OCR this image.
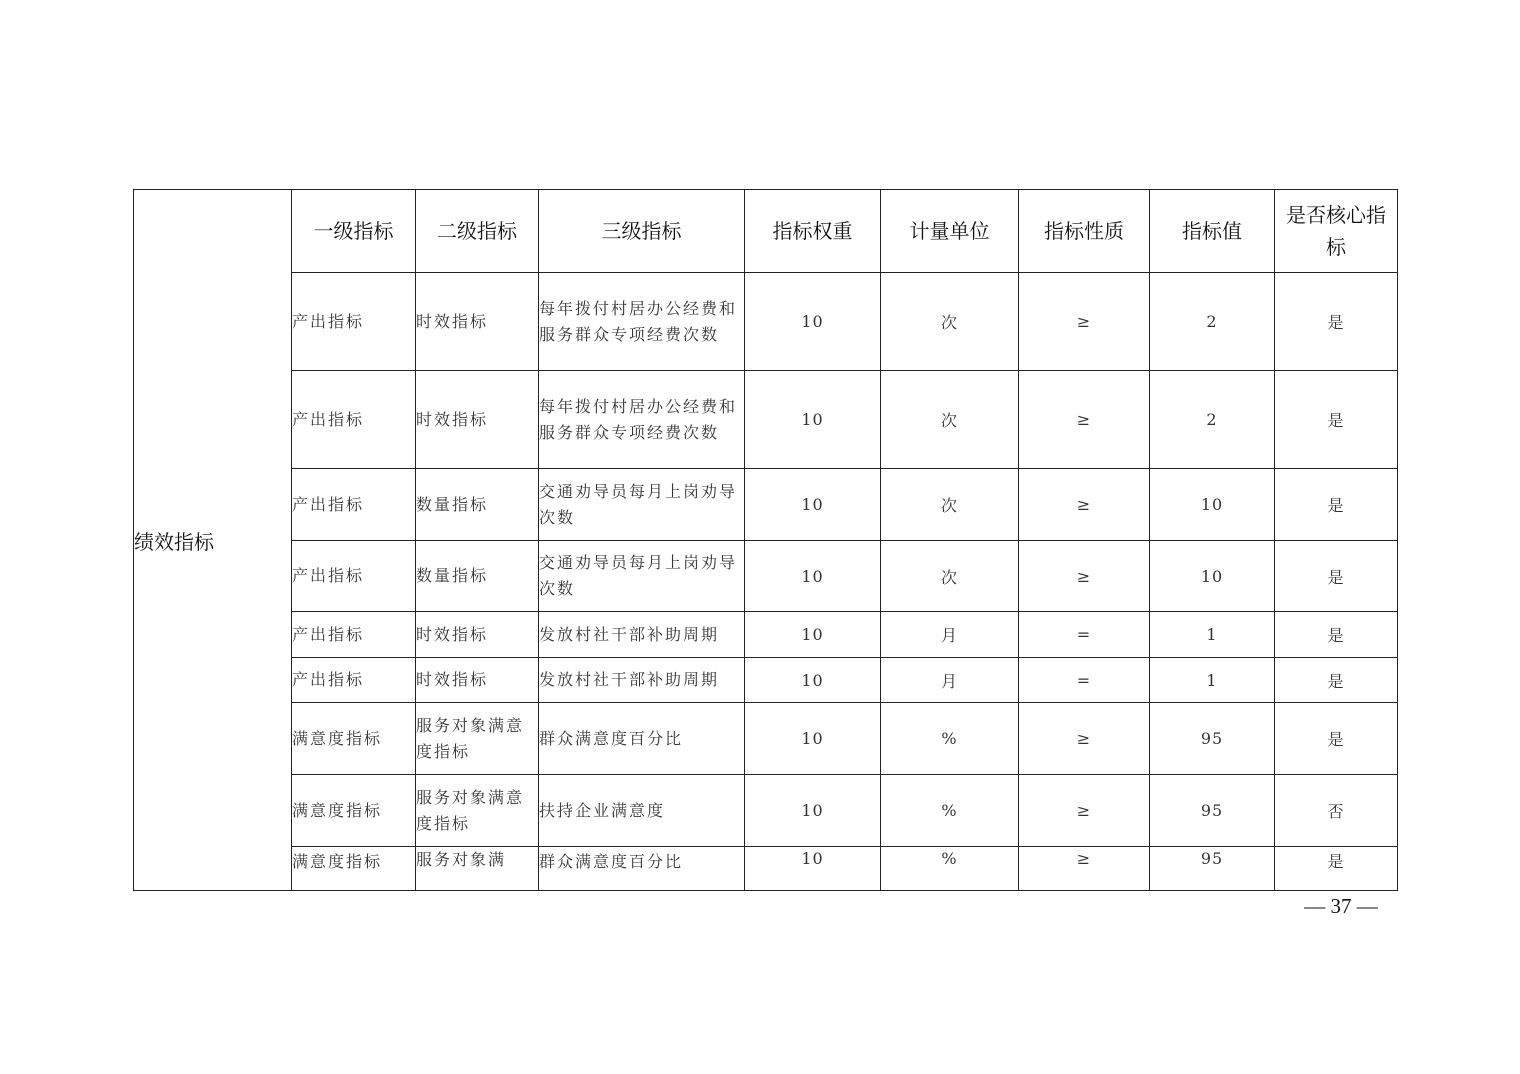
绩效指标	一级指标	二级指标	三级指标	指标权重	计量单位	指标性质	指标值	是否核心指标
	产出指标	时效指标	每年拨付村居办公经费和服务群众专项经费次数	10	次	≥	2	是
	产出指标	时效指标	每年拨付村居办公经费和服务群众专项经费次数	10	次	≥	2	是
	产出指标	数量指标	交通劝导员每月上岗劝导次数	10	次	≥	10	是
	产出指标	数量指标	交通劝导员每月上岗劝导次数	10	次	≥	10	是
	产出指标	时效指标	发放村社干部补助周期	10	月	=	1	是
	产出指标	时效指标	发放村社干部补助周期	10	月	=	1	是
	满意度指标	服务对象满意度指标	群众满意度百分比	10	%	≥	95	是
	满意度指标	服务对象满意度指标	扶持企业满意度	10	%	≥	95	否
	满意度指标	服务对象满	群众满意度百分比	10	%	≥	95	是
— 37 —
